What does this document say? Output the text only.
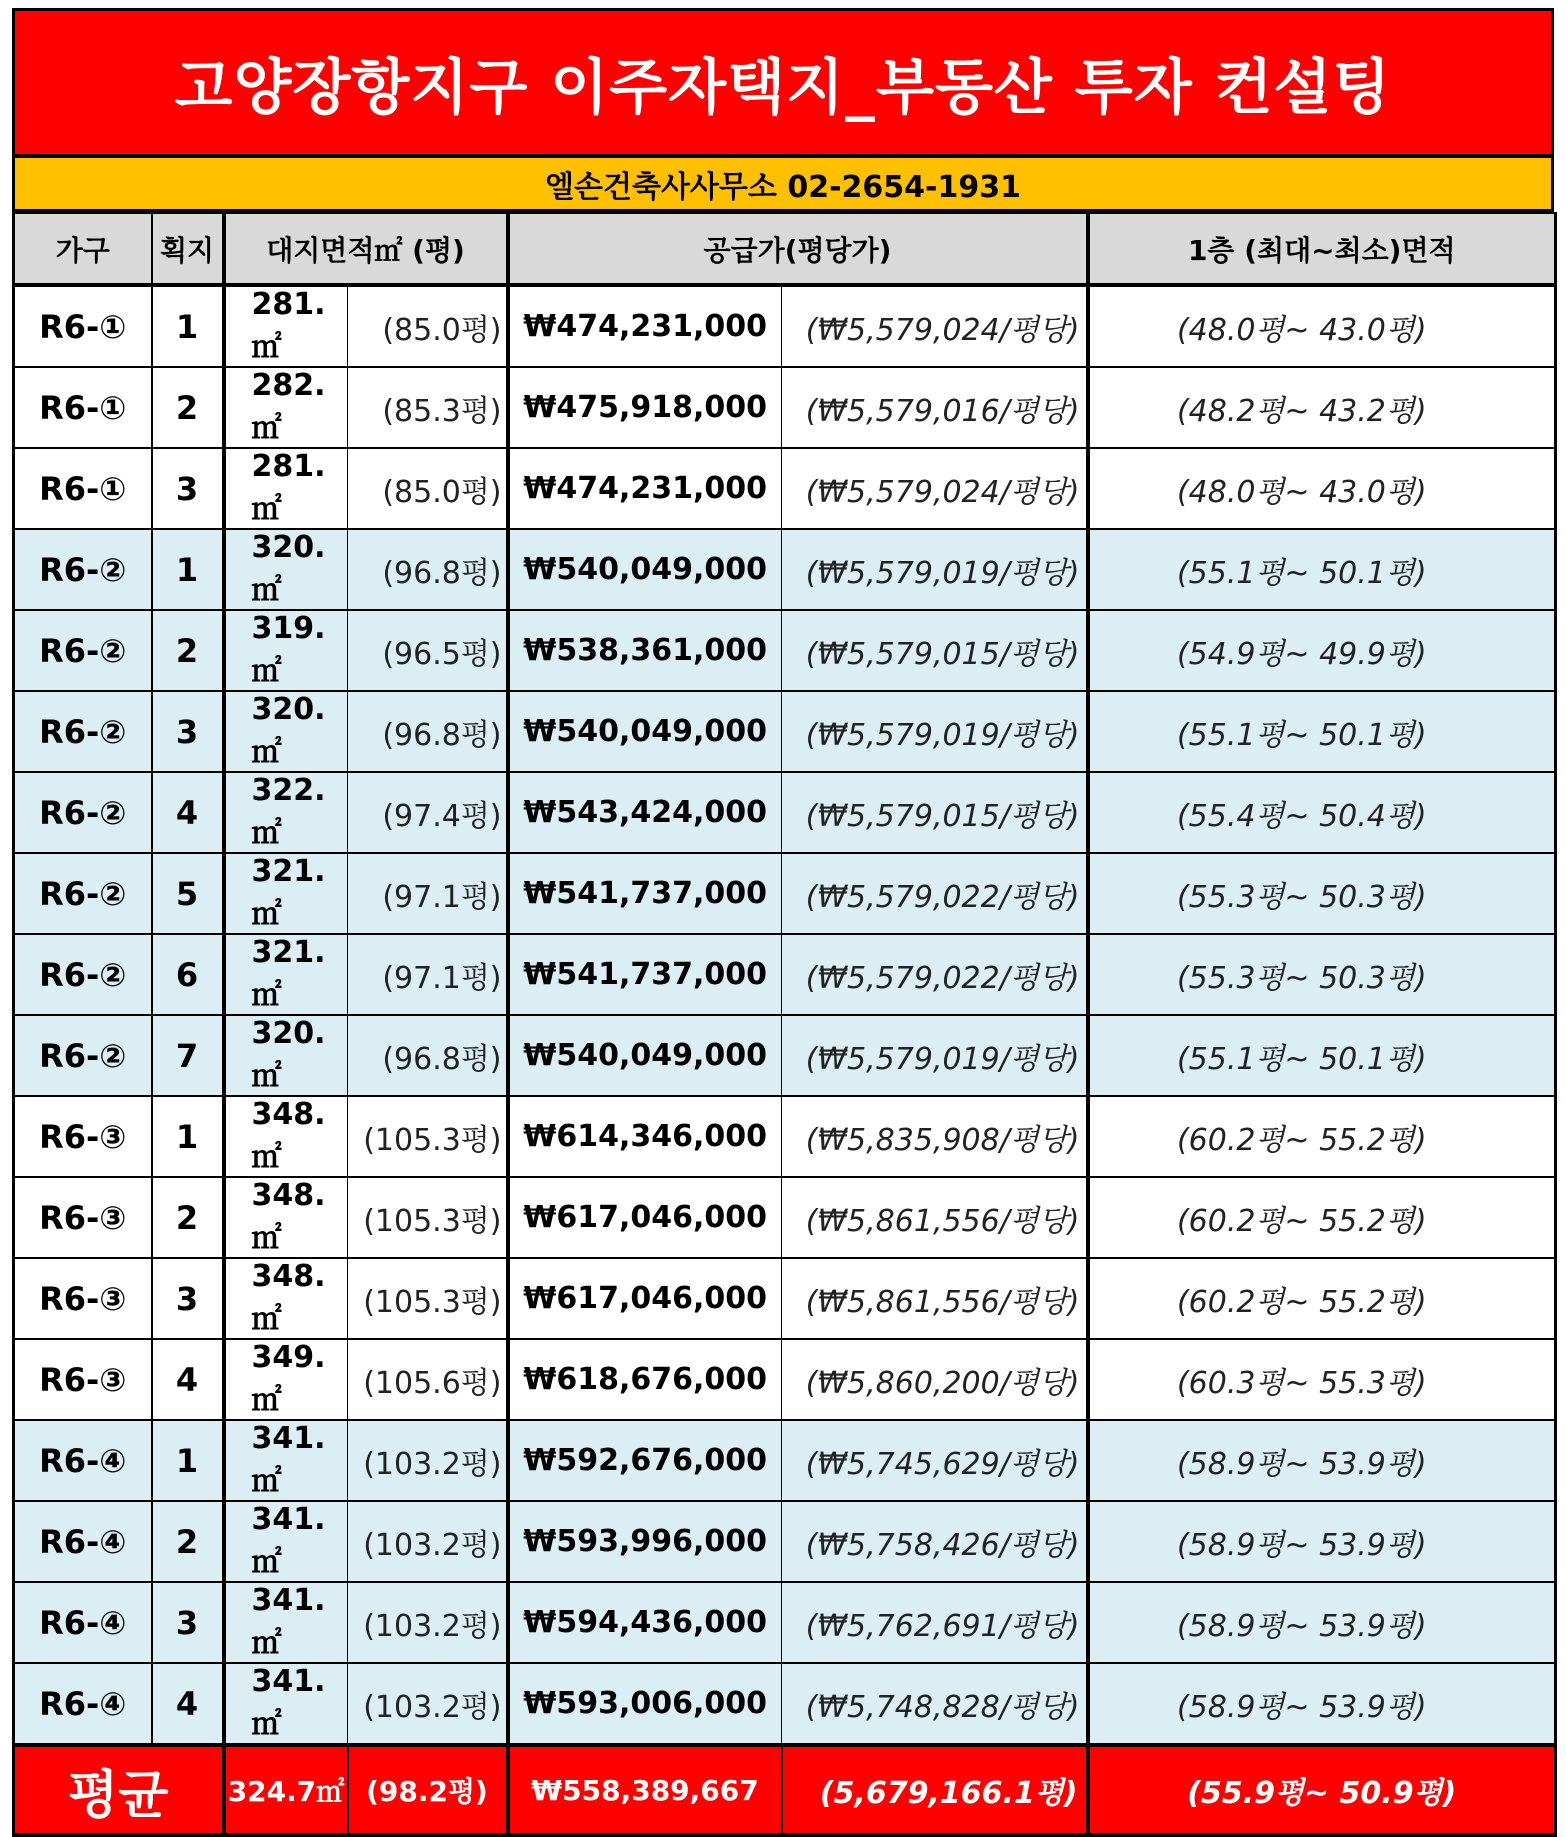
고양장항지구 이주자택지_부동산 투자 컨설팅
엘손건축사사무소 02-2654-1931
가구	획지	대지면적㎡ (평)		공급가(평당가)		1층 (최대~최소)면적
R6-①	1	281.㎡	(85.0평)	₩474,231,000	(₩5,579,024/평당)	(48.0평~ 43.0평)
R6-①	2	282.㎡	(85.3평)	₩475,918,000	(₩5,579,016/평당)	(48.2평~ 43.2평)
R6-①	3	281.㎡	(85.0평)	₩474,231,000	(₩5,579,024/평당)	(48.0평~ 43.0평)
R6-②	1	320.㎡	(96.8평)	₩540,049,000	(₩5,579,019/평당)	(55.1평~ 50.1평)
R6-②	2	319.㎡	(96.5평)	₩538,361,000	(₩5,579,015/평당)	(54.9평~ 49.9평)
R6-②	3	320.㎡	(96.8평)	₩540,049,000	(₩5,579,019/평당)	(55.1평~ 50.1평)
R6-②	4	322.㎡	(97.4평)	₩543,424,000	(₩5,579,015/평당)	(55.4평~ 50.4평)
R6-②	5	321.㎡	(97.1평)	₩541,737,000	(₩5,579,022/평당)	(55.3평~ 50.3평)
R6-②	6	321.㎡	(97.1평)	₩541,737,000	(₩5,579,022/평당)	(55.3평~ 50.3평)
R6-②	7	320.㎡	(96.8평)	₩540,049,000	(₩5,579,019/평당)	(55.1평~ 50.1평)
R6-③	1	348.㎡	(105.3평)	₩614,346,000	(₩5,835,908/평당)	(60.2평~ 55.2평)
R6-③	2	348.㎡	(105.3평)	₩617,046,000	(₩5,861,556/평당)	(60.2평~ 55.2평)
R6-③	3	348.㎡	(105.3평)	₩617,046,000	(₩5,861,556/평당)	(60.2평~ 55.2평)
R6-③	4	349.㎡	(105.6평)	₩618,676,000	(₩5,860,200/평당)	(60.3평~ 55.3평)
R6-④	1	341.㎡	(103.2평)	₩592,676,000	(₩5,745,629/평당)	(58.9평~ 53.9평)
R6-④	2	341.㎡	(103.2평)	₩593,996,000	(₩5,758,426/평당)	(58.9평~ 53.9평)
R6-④	3	341.㎡	(103.2평)	₩594,436,000	(₩5,762,691/평당)	(58.9평~ 53.9평)
R6-④	4	341.㎡	(103.2평)	₩593,006,000	(₩5,748,828/평당)	(58.9평~ 53.9평)
평균		324.7㎡	(98.2평)	₩558,389,667	(5,679,166.1평)	(55.9평~ 50.9평)
